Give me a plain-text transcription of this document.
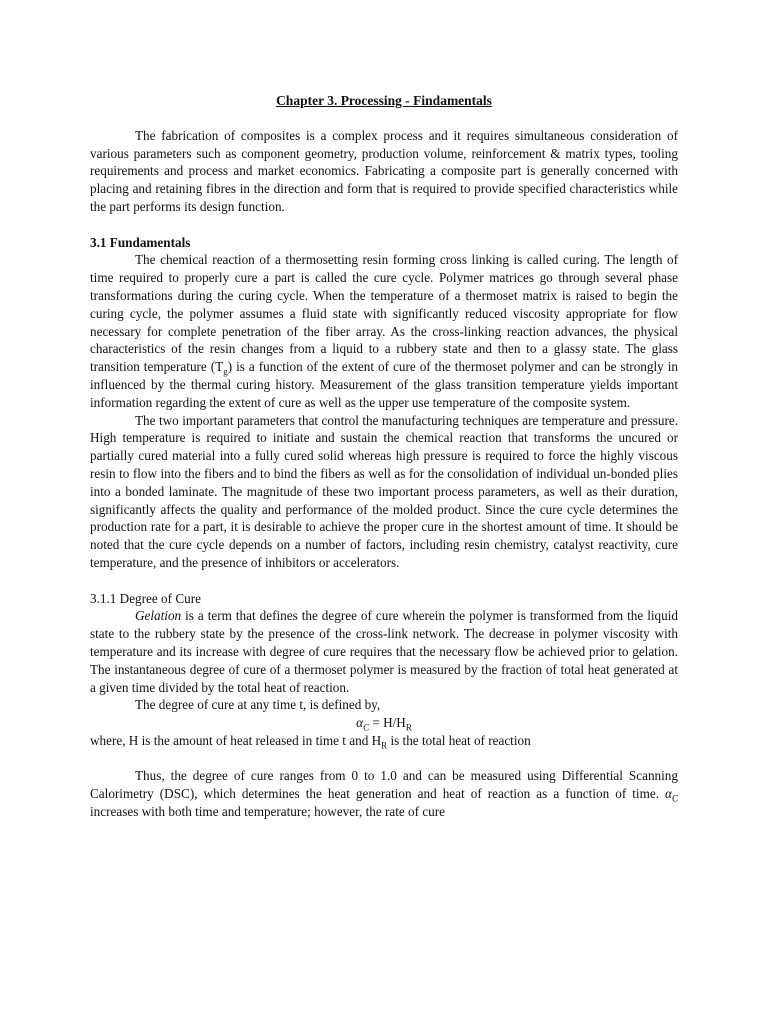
Chapter 3. Processing - Findamentals

The fabrication of composites is a complex process and it requires simultaneous consideration of various parameters such as component geometry, production volume, reinforcement & matrix types, tooling requirements and process and market economics. Fabricating a composite part is generally concerned with placing and retaining fibres in the direction and form that is required to provide specified characteristics while the part performs its design function.

3.1 Fundamentals

The chemical reaction of a thermosetting resin forming cross linking is called curing. The length of time required to properly cure a part is called the cure cycle. Polymer matrices go through several phase transformations during the curing cycle. When the temperature of a thermoset matrix is raised to begin the curing cycle, the polymer assumes a fluid state with significantly reduced viscosity appropriate for flow necessary for complete penetration of the fiber array. As the cross-linking reaction advances, the physical characteristics of the resin changes from a liquid to a rubbery state and then to a glassy state. The glass transition temperature $(T_g)$ is a function of the extent of cure of the thermoset polymer and can be strongly in influenced by the thermal curing history. Measurement of the glass transition temperature yields important information regarding the extent of cure as well as the upper use temperature of the composite system.

The two important parameters that control the manufacturing techniques are temperature and pressure. High temperature is required to initiate and sustain the chemical reaction that transforms the uncured or partially cured material into a fully cured solid whereas high pressure is required to force the highly viscous resin to flow into the fibers and to bind the fibers as well as for the consolidation of individual un-bonded plies into a bonded laminate. The magnitude of these two important process parameters, as well as their duration, significantly affects the quality and performance of the molded product. Since the cure cycle determines the production rate for a part, it is desirable to achieve the proper cure in the shortest amount of time. It should be noted that the cure cycle depends on a number of factors, including resin chemistry, catalyst reactivity, cure temperature, and the presence of inhibitors or accelerators.

3.1.1 Degree of Cure

Gelation is a term that defines the degree of cure wherein the polymer is transformed from the liquid state to the rubbery state by the presence of the cross-link network. The decrease in polymer viscosity with temperature and its increase with degree of cure requires that the necessary flow be achieved prior to gelation. The instantaneous degree of cure of a thermoset polymer is measured by the fraction of total heat generated at a given time divided by the total heat of reaction.

The degree of cure at any time t, is defined by,

$\alpha_C = H/H_R$

where, H is the amount of heat released in time t and $H_R$ is the total heat of reaction

Thus, the degree of cure ranges from 0 to 1.0 and can be measured using Differential Scanning Calorimetry (DSC), which determines the heat generation and heat of reaction as a function of time. $\alpha_C$ increases with both time and temperature; however, the rate of cure
